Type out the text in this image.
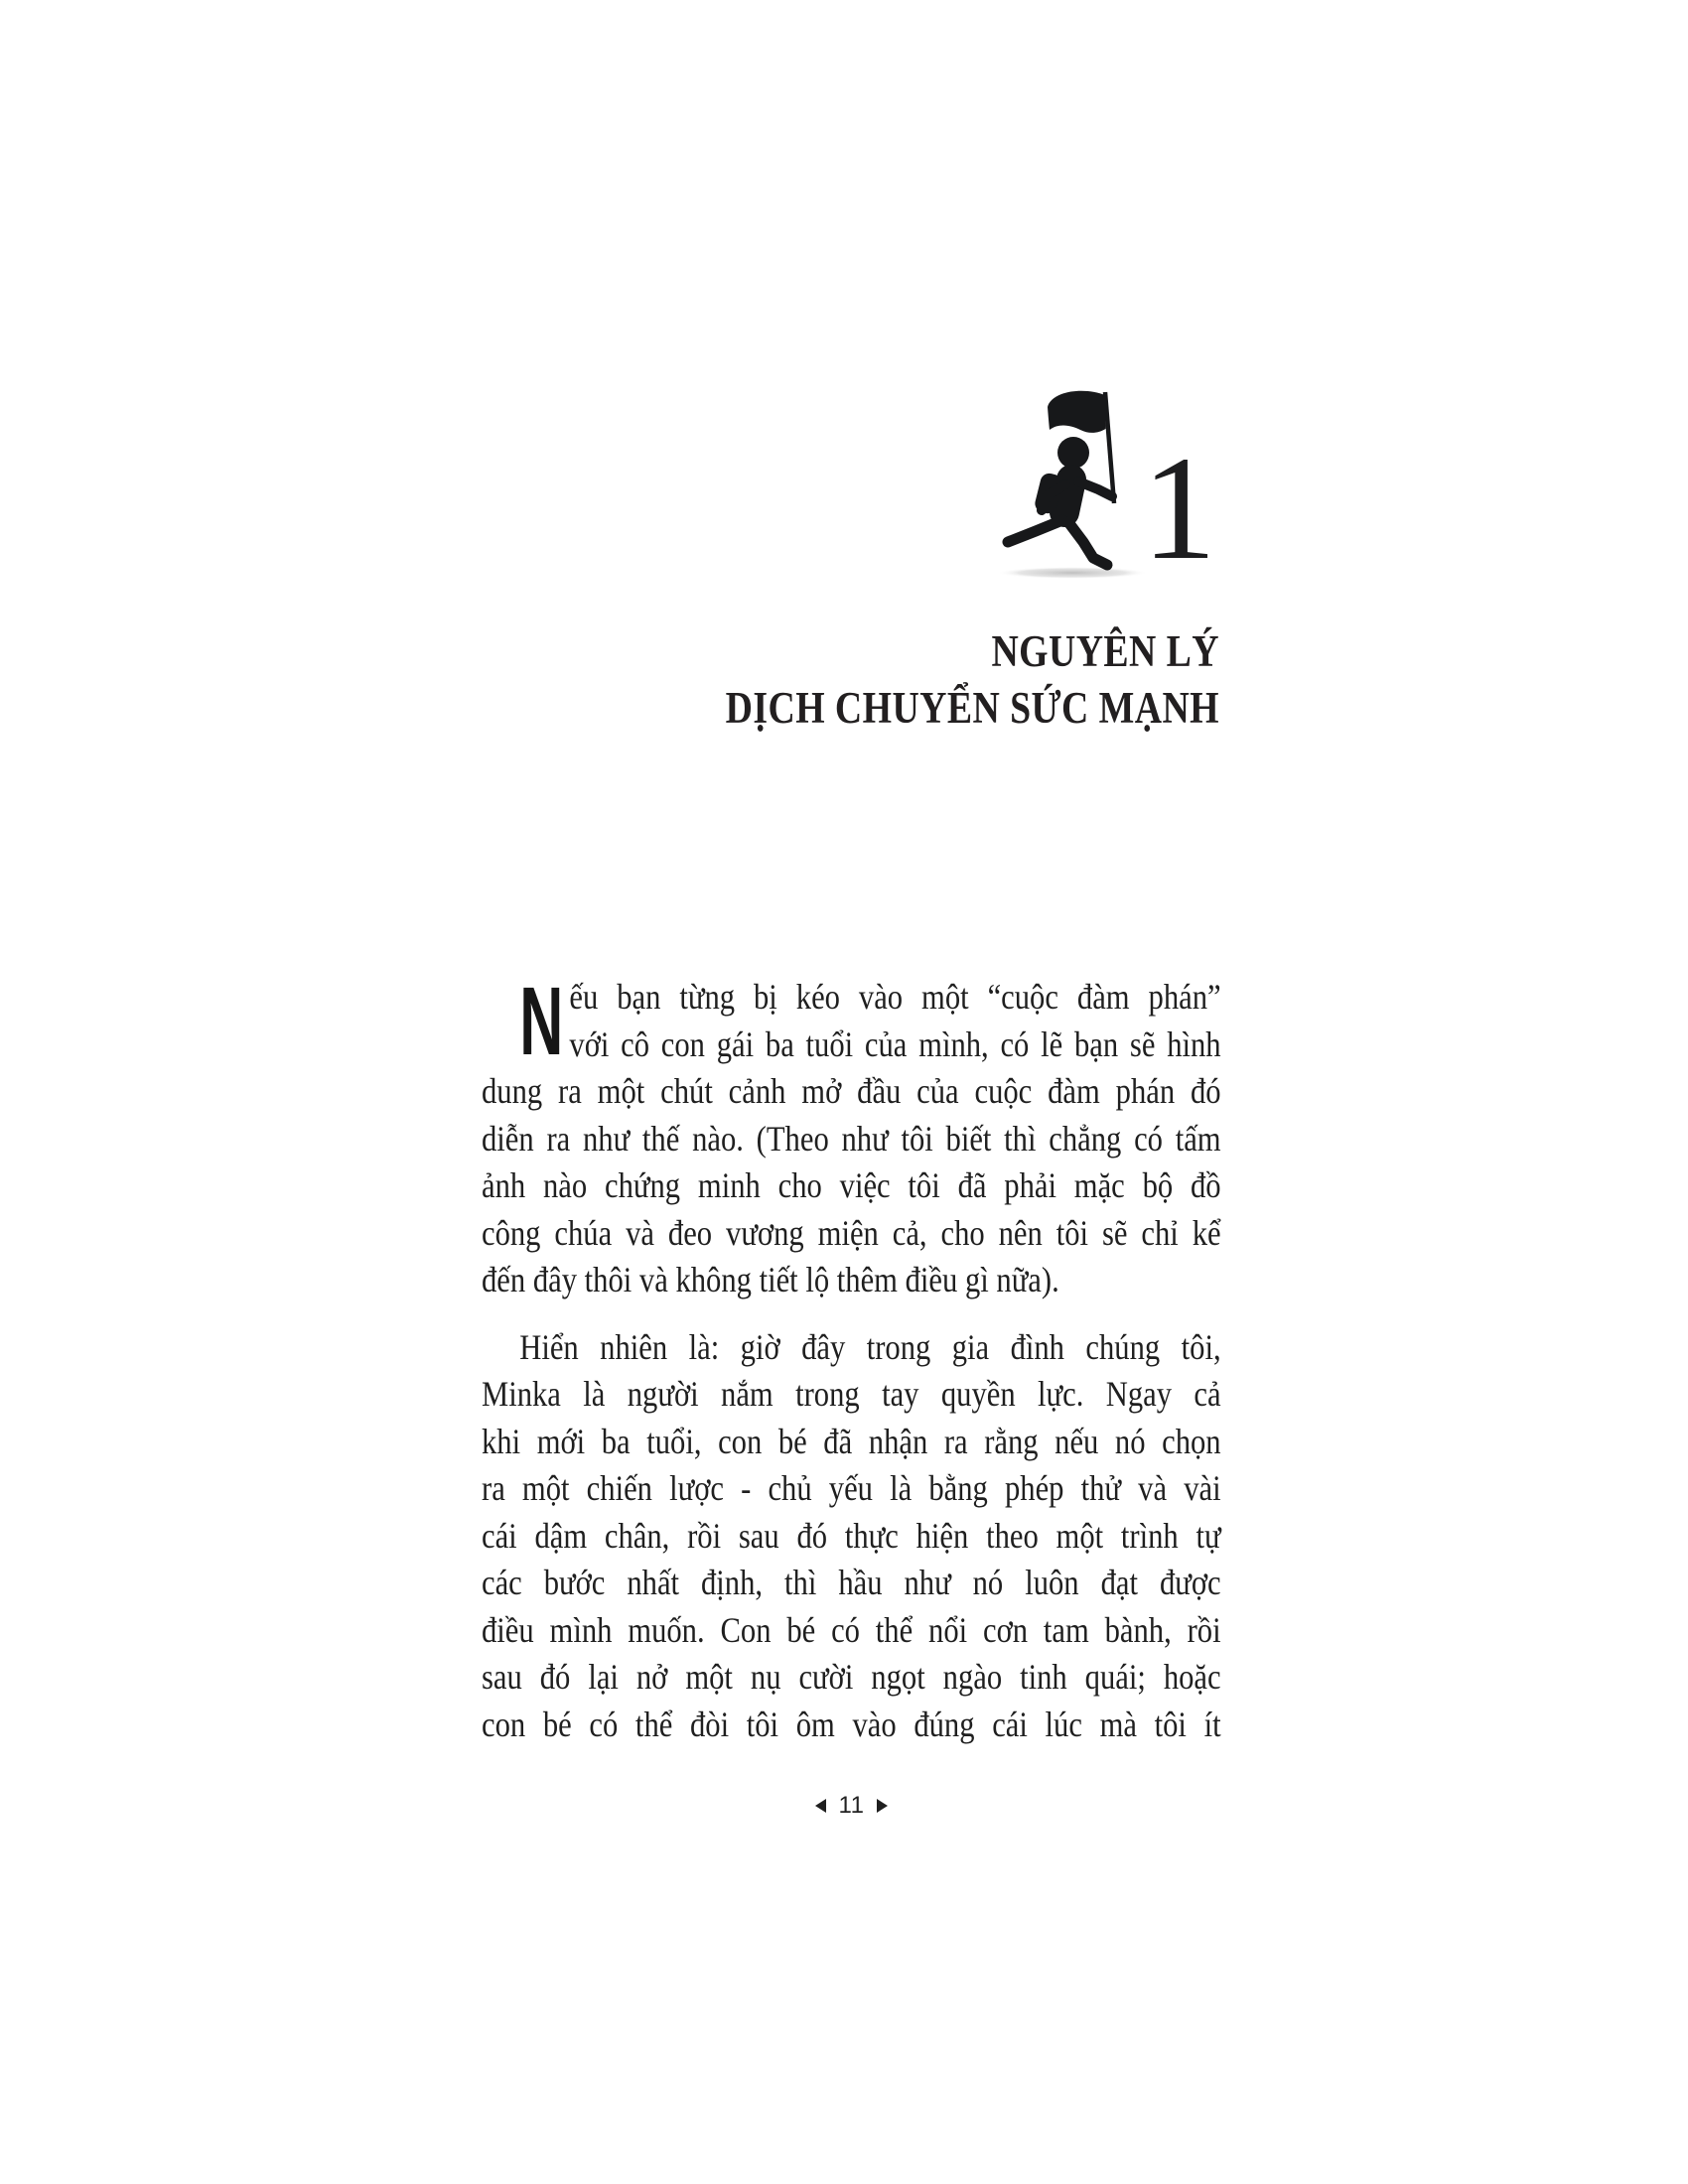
1
NGUYÊN LÝ
DỊCH CHUYỂN SỨC MẠNH
N ếu bạn từng bị kéo vào một “cuộc đàm phán”
với cô con gái ba tuổi của mình, có lẽ bạn sẽ hình
dung ra một chút cảnh mở đầu của cuộc đàm phán đó
diễn ra như thế nào. (Theo như tôi biết thì chẳng có tấm
ảnh nào chứng minh cho việc tôi đã phải mặc bộ đồ
công chúa và đeo vương miện cả, cho nên tôi sẽ chỉ kể
đến đây thôi và không tiết lộ thêm điều gì nữa).
Hiển nhiên là: giờ đây trong gia đình chúng tôi,
Minka là người nắm trong tay quyền lực. Ngay cả
khi mới ba tuổi, con bé đã nhận ra rằng nếu nó chọn
ra một chiến lược - chủ yếu là bằng phép thử và vài
cái dậm chân, rồi sau đó thực hiện theo một trình tự
các bước nhất định, thì hầu như nó luôn đạt được
điều mình muốn. Con bé có thể nổi cơn tam bành, rồi
sau đó lại nở một nụ cười ngọt ngào tinh quái; hoặc
con bé có thể đòi tôi ôm vào đúng cái lúc mà tôi ít
11
